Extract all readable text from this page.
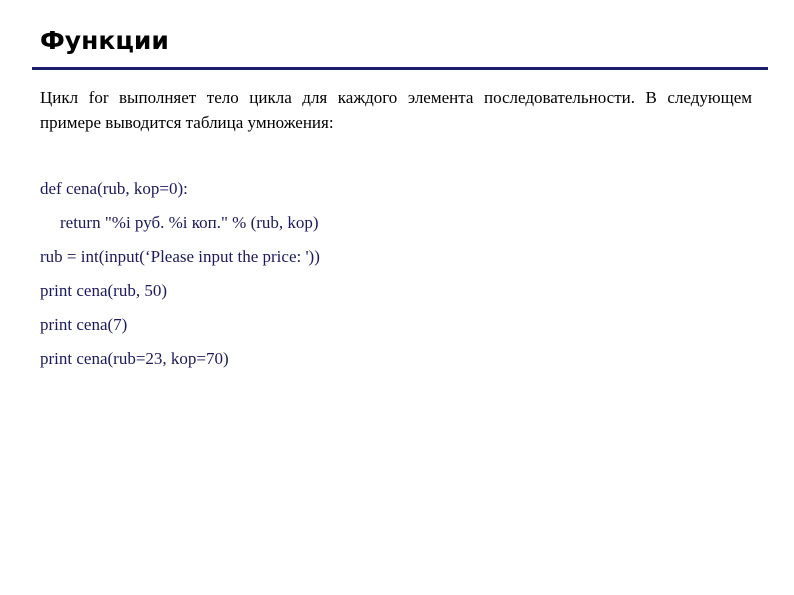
Функции

Цикл for выполняет тело цикла для каждого элемента последовательности. В следующем примере выводится таблица умножения:

def cena(rub, kop=0):
return "%i руб. %i коп." % (rub, kop)
rub = int(input(‘Please input the price: '))
print cena(rub, 50)
print cena(7)
print cena(rub=23, kop=70)
